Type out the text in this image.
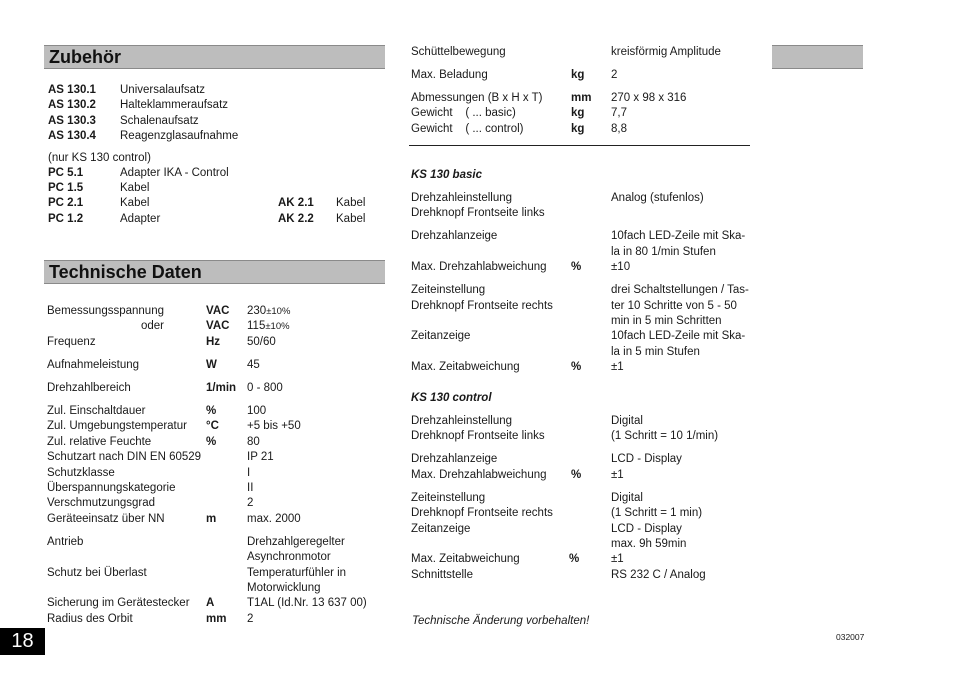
Zubehör
AS 130.1 Universalaufsatz
AS 130.2 Halteklammeraufsatz
AS 130.3 Schalenaufsatz
AS 130.4 Reagenzglasaufnahme
(nur KS 130 control)
PC 5.1	Adapter IKA - Control
PC 1.5	Kabel
PC 2.1	Kabel	AK 2.1 Kabel
PC 1.2	Adapter	AK 2.2 Kabel
Technische Daten
Bemessungsspannung	VAC 230±10%
oder	VAC 115±10%
Frequenz	Hz 50/60
Aufnahmeleistung	W	45
Drehzahlbereich	1/min 0 - 800
Zul. Einschaltdauer	%	100
Zul. Umgebungstemperatur °C +5 bis +50
Zul. relative Feuchte	%	80
Schutzart nach DIN EN 60529	IP 21
Schutzklasse	I
Überspannungskategorie	II
Verschmutzungsgrad	2
Geräteeinsatz über NN	m	max. 2000
Antrieb	Drehzahlgeregelter
Asynchronmotor
Schutz bei Überlast	Temperaturfühler in
Motorwicklung
Sicherung im Gerätestecker A	T1AL (Id.Nr. 13 637 00)
Radius des Orbit	mm 2
Schüttelbewegung	kreisförmig Amplitude
Max. Beladung	kg 2
Abmessungen (B x H x T) mm 270 x 98 x 316
Gewicht    ( ... basic)	kg 7,7
Gewicht    ( ... control)	kg 8,8
KS 130 basic
Drehzahleinstellung	Analog (stufenlos)
Drehknopf Frontseite links
Drehzahlanzeige	10fach LED-Zeile mit Ska-
la in 80 1/min Stufen
Max. Drehzahlabweichung %	±10
Zeiteinstellung	drei Schaltstellungen / Tas-
Drehknopf Frontseite rechts	ter 10 Schritte von 5 - 50
min in 5 min Schritten
Zeitanzeige	10fach LED-Zeile mit Ska-
la in 5 min Stufen
Max. Zeitabweichung	%	±1
KS 130 control
Drehzahleinstellung	Digital
Drehknopf Frontseite links	(1 Schritt = 10 1/min)
Drehzahlanzeige	LCD - Display
Max. Drehzahlabweichung %	±1
Zeiteinstellung	Digital
Drehknopf Frontseite rechts	(1 Schritt = 1 min)
Zeitanzeige	LCD - Display
max. 9h 59min
Max. Zeitabweichung	%	±1
Schnittstelle	RS 232 C / Analog
Technische Änderung vorbehalten!
18	032007
